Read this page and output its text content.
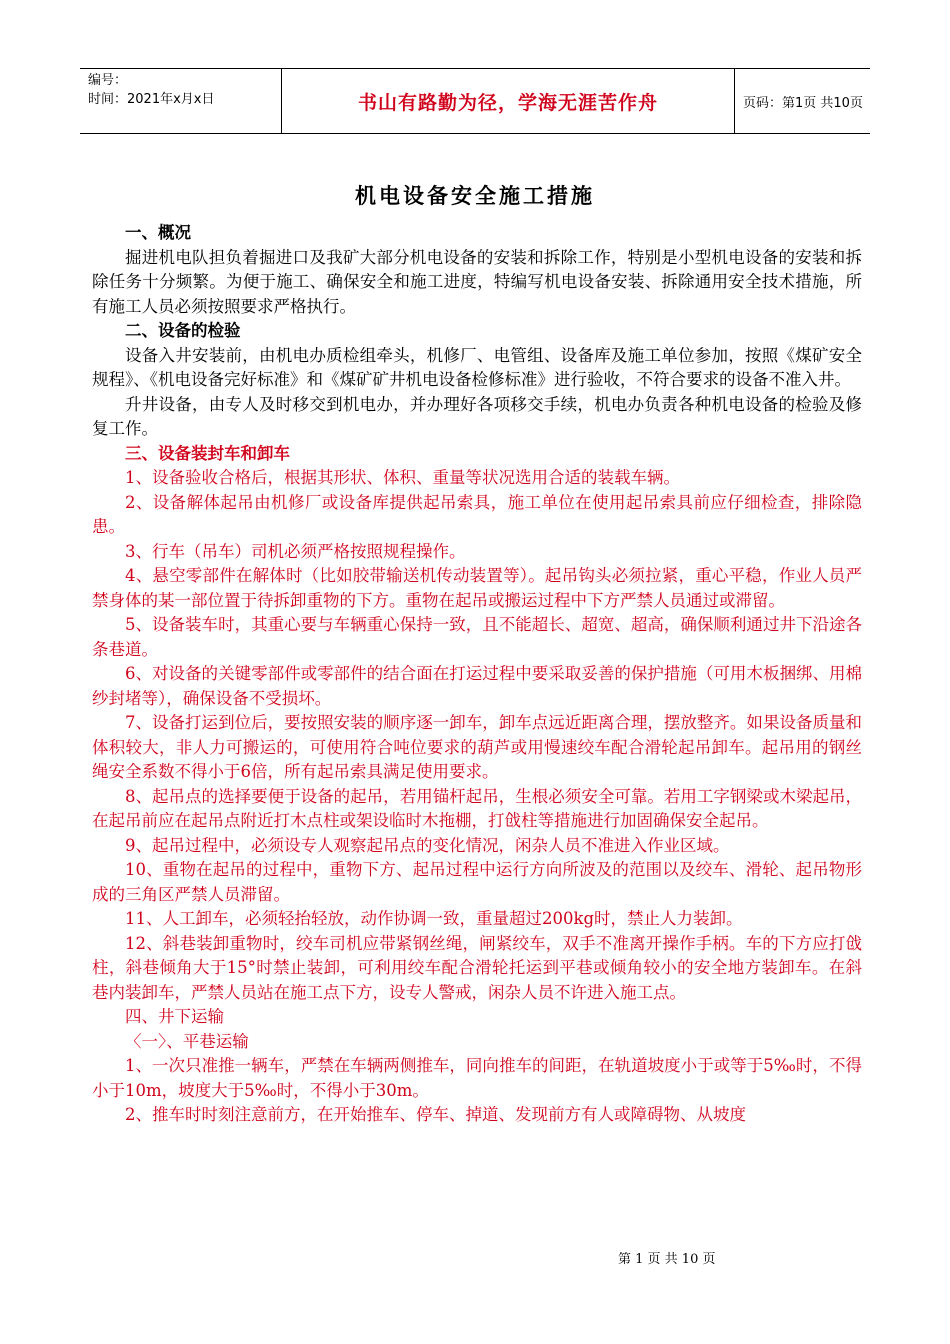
编号：
时间：2021年x月x日	书山有路勤为径，学海无涯苦作舟	页码：第1页 共10页
机电设备安全施工措施

一、概况

掘进机电队担负着掘进口及我矿大部分机电设备的安装和拆除工作，特别是小型机电设备的安装和拆除任务十分频繁。为便于施工、确保安全和施工进度，特编写机电设备安装、拆除通用安全技术措施，所有施工人员必须按照要求严格执行。

二、设备的检验

设备入井安装前，由机电办质检组牵头，机修厂、电管组、设备库及施工单位参加，按照《煤矿安全规程》、《机电设备完好标准》和《煤矿矿井机电设备检修标准》进行验收，不符合要求的设备不准入井。

升井设备，由专人及时移交到机电办，并办理好各项移交手续，机电办负责各种机电设备的检验及修复工作。

三、设备装封车和卸车

1、设备验收合格后，根据其形状、体积、重量等状况选用合适的装载车辆。

2、设备解体起吊由机修厂或设备库提供起吊索具，施工单位在使用起吊索具前应仔细检查，排除隐患。

3、行车（吊车）司机必须严格按照规程操作。

4、悬空零部件在解体时（比如胶带输送机传动装置等）。起吊钩头必须拉紧，重心平稳，作业人员严禁身体的某一部位置于待拆卸重物的下方。重物在起吊或搬运过程中下方严禁人员通过或滞留。

5、设备装车时，其重心要与车辆重心保持一致，且不能超长、超宽、超高，确保顺利通过井下沿途各条巷道。

6、对设备的关键零部件或零部件的结合面在打运过程中要采取妥善的保护措施（可用木板捆绑、用棉纱封堵等），确保设备不受损坏。

7、设备打运到位后，要按照安装的顺序逐一卸车，卸车点远近距离合理，摆放整齐。如果设备质量和体积较大，非人力可搬运的，可使用符合吨位要求的葫芦或用慢速绞车配合滑轮起吊卸车。起吊用的钢丝绳安全系数不得小于6倍，所有起吊索具满足使用要求。

8、起吊点的选择要便于设备的起吊，若用锚杆起吊，生根必须安全可靠。若用工字钢梁或木梁起吊，在起吊前应在起吊点附近打木点柱或架设临时木拖棚，打戗柱等措施进行加固确保安全起吊。

9、起吊过程中，必须设专人观察起吊点的变化情况，闲杂人员不准进入作业区域。

10、重物在起吊的过程中，重物下方、起吊过程中运行方向所波及的范围以及绞车、滑轮、起吊物形成的三角区严禁人员滞留。

11、人工卸车，必须轻抬轻放，动作协调一致，重量超过200kg时，禁止人力装卸。

12、斜巷装卸重物时，绞车司机应带紧钢丝绳，闸紧绞车，双手不准离开操作手柄。车的下方应打戗柱，斜巷倾角大于15°时禁止装卸，可利用绞车配合滑轮托运到平巷或倾角较小的安全地方装卸车。在斜巷内装卸车，严禁人员站在施工点下方，设专人警戒，闲杂人员不许进入施工点。

四、井下运输

〈一〉、平巷运输

1、一次只准推一辆车，严禁在车辆两侧推车，同向推车的间距，在轨道坡度小于或等于5‰时，不得小于10m，坡度大于5‰时，不得小于30m。

2、推车时时刻注意前方，在开始推车、停车、掉道、发现前方有人或障碍物、从坡度

第 1 页 共 10 页
